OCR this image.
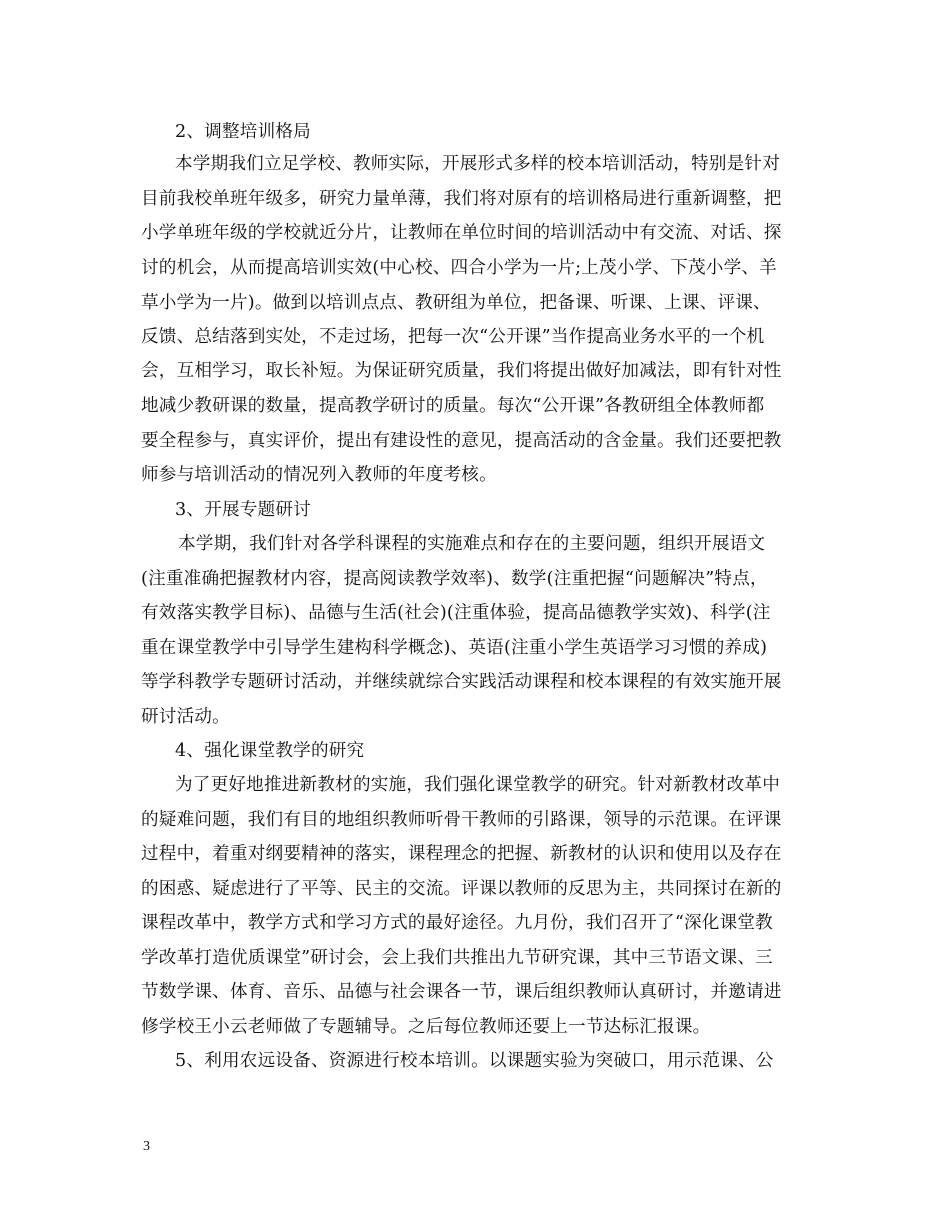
2、调整培训格局
本学期我们立足学校、教师实际，开展形式多样的校本培训活动，特别是针对
目前我校单班年级多，研究力量单薄，我们将对原有的培训格局进行重新调整，把
小学单班年级的学校就近分片，让教师在单位时间的培训活动中有交流、对话、探
讨的机会，从而提高培训实效(中心校、四合小学为一片;上茂小学、下茂小学、羊
草小学为一片)。做到以培训点点、教研组为单位，把备课、听课、上课、评课、
反馈、总结落到实处，不走过场，把每一次“公开课”当作提高业务水平的一个机
会，互相学习，取长补短。为保证研究质量，我们将提出做好加减法，即有针对性
地减少教研课的数量，提高教学研讨的质量。每次“公开课”各教研组全体教师都
要全程参与，真实评价，提出有建设性的意见，提高活动的含金量。我们还要把教
师参与培训活动的情况列入教师的年度考核。
3、开展专题研讨
本学期，我们针对各学科课程的实施难点和存在的主要问题，组织开展语文
(注重准确把握教材内容，提高阅读教学效率)、数学(注重把握“问题解决”特点，
有效落实教学目标)、品德与生活(社会)(注重体验，提高品德教学实效)、科学(注
重在课堂教学中引导学生建构科学概念)、英语(注重小学生英语学习习惯的养成)
等学科教学专题研讨活动，并继续就综合实践活动课程和校本课程的有效实施开展
研讨活动。
4、强化课堂教学的研究
为了更好地推进新教材的实施，我们强化课堂教学的研究。针对新教材改革中
的疑难问题，我们有目的地组织教师听骨干教师的引路课，领导的示范课。在评课
过程中，着重对纲要精神的落实，课程理念的把握、新教材的认识和使用以及存在
的困惑、疑虑进行了平等、民主的交流。评课以教师的反思为主，共同探讨在新的
课程改革中，教学方式和学习方式的最好途径。九月份，我们召开了“深化课堂教
学改革打造优质课堂”研讨会，会上我们共推出九节研究课，其中三节语文课、三
节数学课、体育、音乐、品德与社会课各一节，课后组织教师认真研讨，并邀请进
修学校王小云老师做了专题辅导。之后每位教师还要上一节达标汇报课。
5、利用农远设备、资源进行校本培训。以课题实验为突破口，用示范课、公
3
